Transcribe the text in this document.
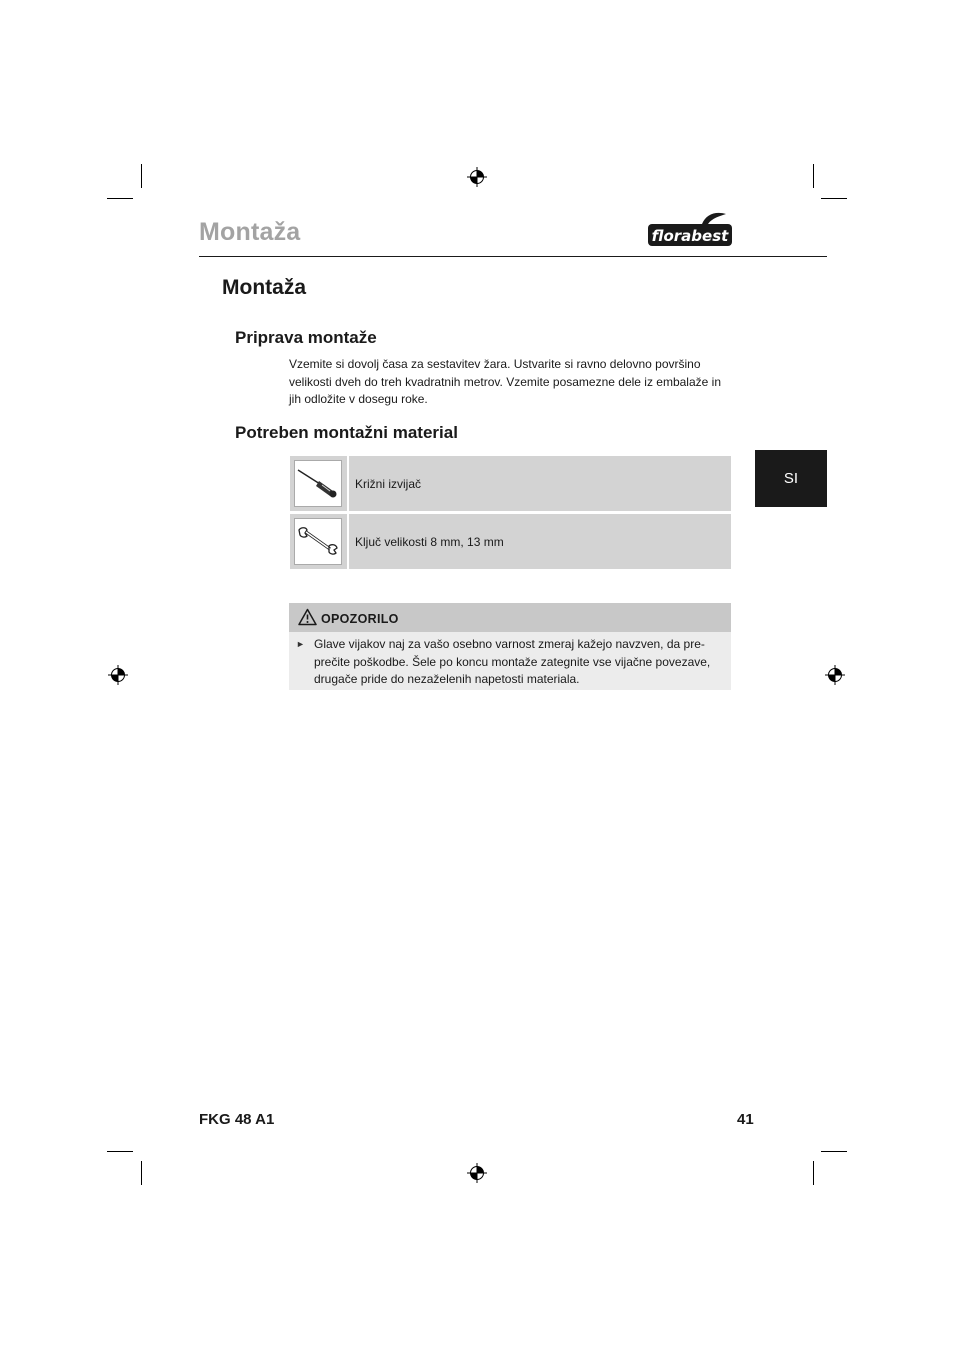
Montaža	florabest
Montaža
Priprava montaže
Vzemite si dovolj časa za sestavitev žara. Ustvarite si ravno delovno površino velikosti dveh do treh kvadratnih metrov. Vzemite posamezne dele iz embalaže in jih odložite v dosegu roke.
Potreben montažni material
SI
Križni izvijač
Ključ velikosti 8 mm, 13 mm
OPOZORILO
► Glave vijakov naj za vašo osebno varnost zmeraj kažejo navzven, da pre-prečite poškodbe. Šele po koncu montaže zategnite vse vijačne povezave, drugače pride do nezaželenih napetosti materiala.
FKG 48 A1	41
